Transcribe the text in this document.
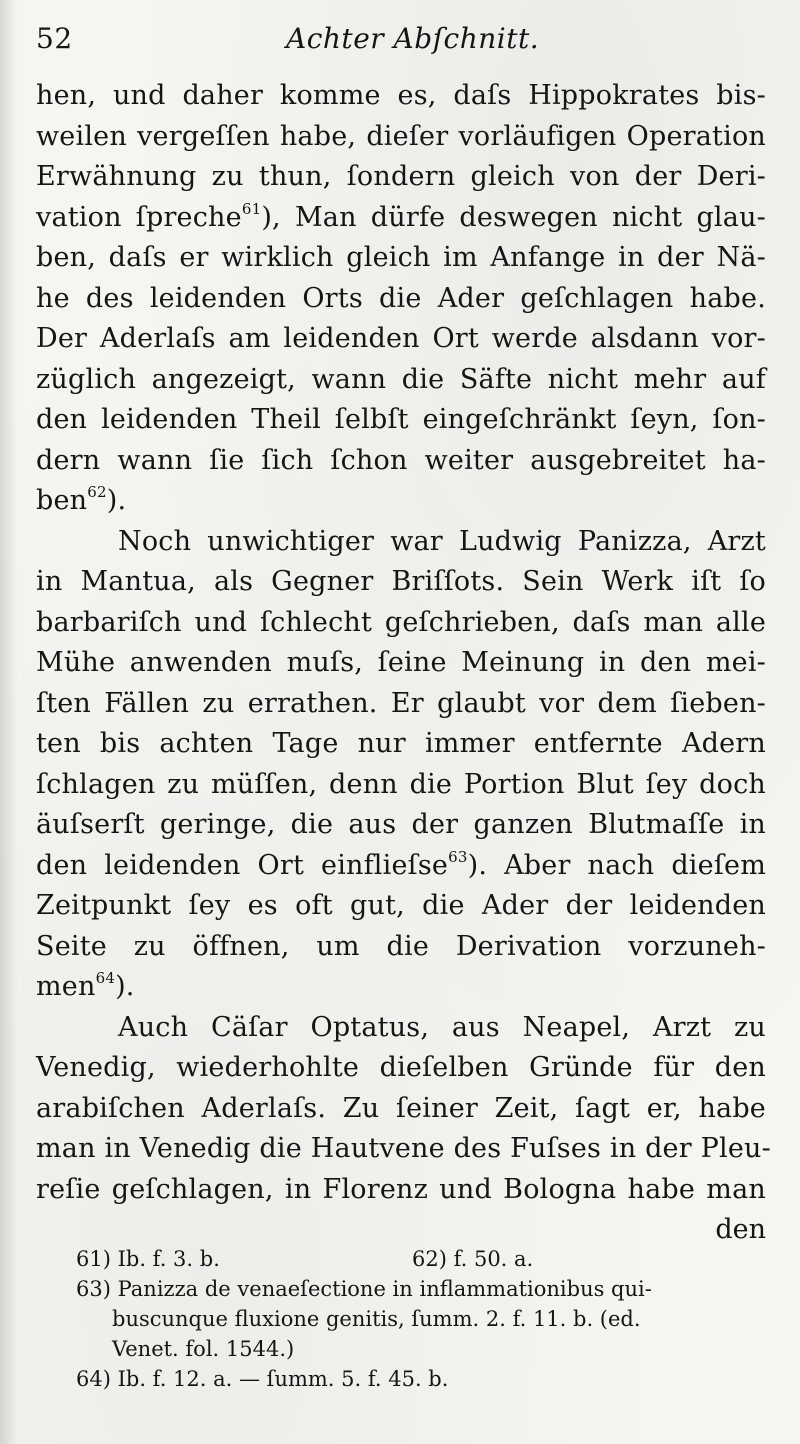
52	Achter Abſchnitt.
hen, und daher komme es, daſs Hippokrates bis-
weilen vergeſſen habe, dieſer vorläufigen Operation
Erwähnung zu thun, ſondern gleich von der Deri-
vation ſpreche$^{61}$), Man dürfe deswegen nicht glau-
ben, daſs er wirklich gleich im Anfange in der Nä-
he des leidenden Orts die Ader geſchlagen habe.
Der Aderlaſs am leidenden Ort werde alsdann vor-
züglich angezeigt, wann die Säfte nicht mehr auf
den leidenden Theil ſelbſt eingeſchränkt ſeyn, ſon-
dern wann ſie ſich ſchon weiter ausgebreitet ha-
ben$^{62}$).
Noch unwichtiger war Ludwig Panizza, Arzt
in Mantua, als Gegner Briſſots. Sein Werk iſt ſo
barbariſch und ſchlecht geſchrieben, daſs man alle
Mühe anwenden muſs, ſeine Meinung in den mei-
ſten Fällen zu errathen. Er glaubt vor dem ſieben-
ten bis achten Tage nur immer entfernte Adern
ſchlagen zu müſſen, denn die Portion Blut ſey doch
äuſserſt geringe, die aus der ganzen Blutmaſſe in
den leidenden Ort einflieſse$^{63}$). Aber nach dieſem
Zeitpunkt ſey es oft gut, die Ader der leidenden
Seite zu öffnen, um die Derivation vorzuneh-
men$^{64}$).
Auch Cäſar Optatus, aus Neapel, Arzt zu
Venedig, wiederhohlte dieſelben Gründe für den
arabiſchen Aderlaſs. Zu ſeiner Zeit, ſagt er, habe
man in Venedig die Hautvene des Fuſses in der Pleu-
reſie geſchlagen, in Florenz und Bologna habe man
den
61) Ib. f. 3. b.	62) f. 50. a.
63) Panizza de venaeſectione in inflammationibus qui-
buscunque fluxione genitis, ſumm. 2. f. 11. b. (ed.
Venet. fol. 1544.)
64) Ib. f. 12. a. — ſumm. 5. f. 45. b.
